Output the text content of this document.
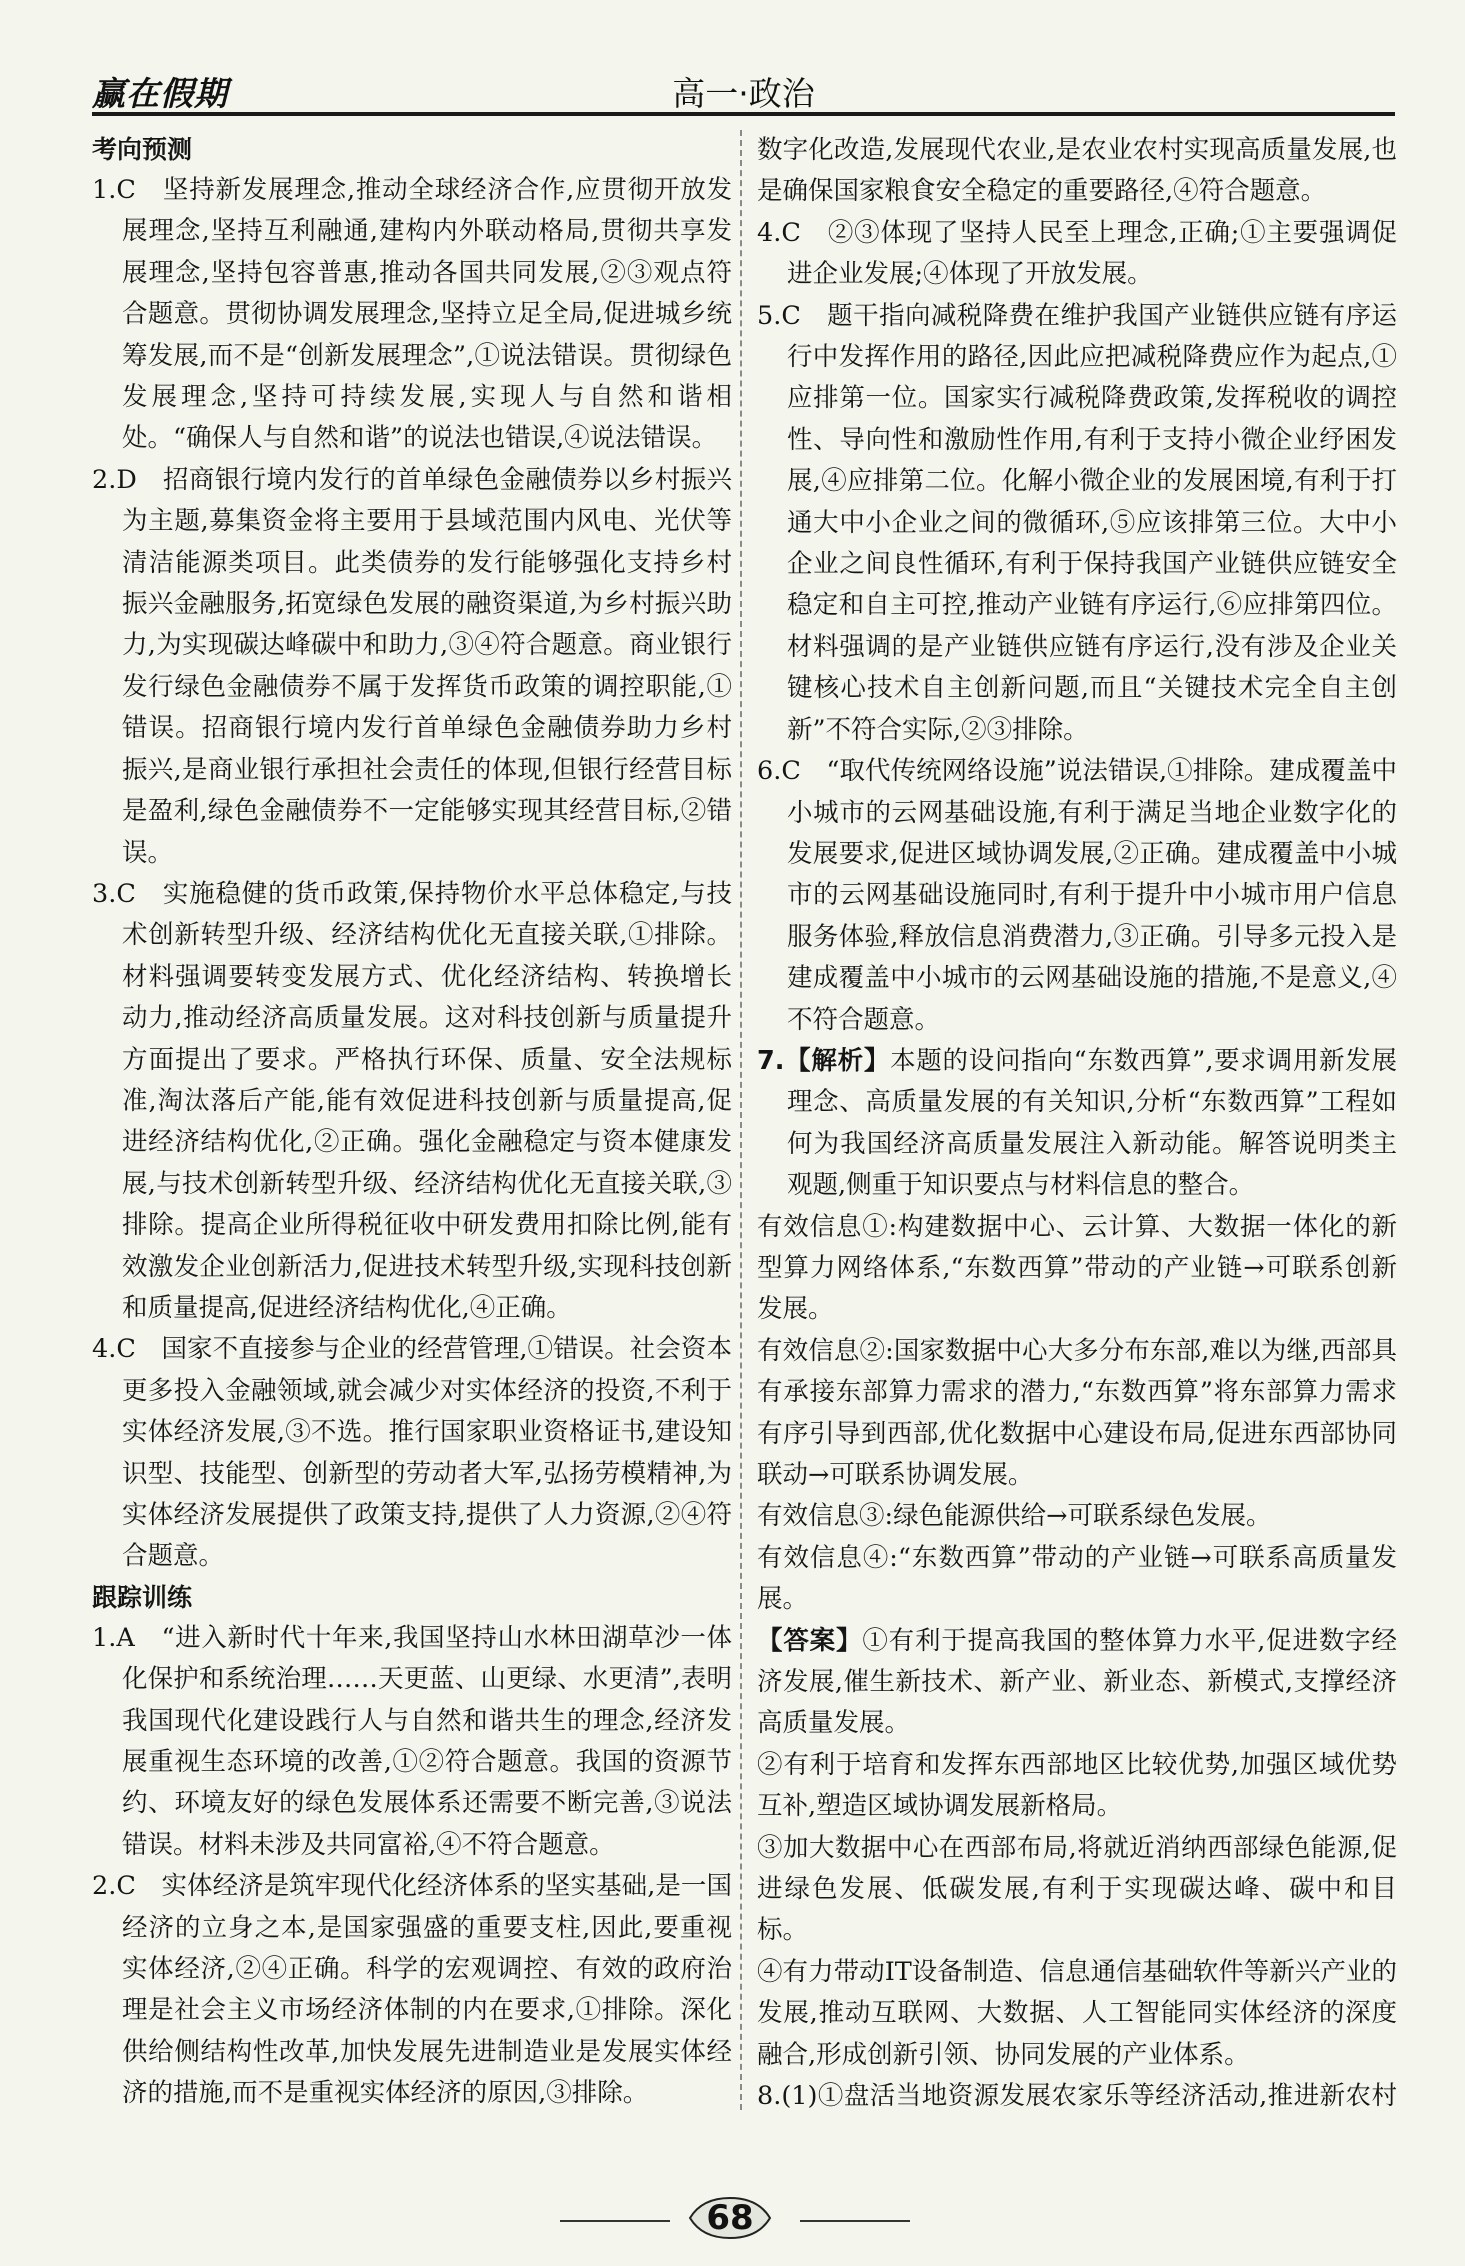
赢在假期	高一·政治
考向预测

1.C　坚持新发展理念,推动全球经济合作,应贯彻开放发展理念,坚持互利融通,建构内外联动格局,贯彻共享发展理念,坚持包容普惠,推动各国共同发展,②③观点符合题意。贯彻协调发展理念,坚持立足全局,促进城乡统筹发展,而不是“创新发展理念”,①说法错误。贯彻绿色发展理念,坚持可持续发展,实现人与自然和谐相处。“确保人与自然和谐”的说法也错误,④说法错误。

2.D　招商银行境内发行的首单绿色金融债券以乡村振兴为主题,募集资金将主要用于县域范围内风电、光伏等清洁能源类项目。此类债券的发行能够强化支持乡村振兴金融服务,拓宽绿色发展的融资渠道,为乡村振兴助力,为实现碳达峰碳中和助力,③④符合题意。商业银行发行绿色金融债券不属于发挥货币政策的调控职能,①错误。招商银行境内发行首单绿色金融债券助力乡村振兴,是商业银行承担社会责任的体现,但银行经营目标是盈利,绿色金融债券不一定能够实现其经营目标,②错误。

3.C　实施稳健的货币政策,保持物价水平总体稳定,与技术创新转型升级、经济结构优化无直接关联,①排除。材料强调要转变发展方式、优化经济结构、转换增长动力,推动经济高质量发展。这对科技创新与质量提升方面提出了要求。严格执行环保、质量、安全法规标准,淘汰落后产能,能有效促进科技创新与质量提高,促进经济结构优化,②正确。强化金融稳定与资本健康发展,与技术创新转型升级、经济结构优化无直接关联,③排除。提高企业所得税征收中研发费用扣除比例,能有效激发企业创新活力,促进技术转型升级,实现科技创新和质量提高,促进经济结构优化,④正确。

4.C　国家不直接参与企业的经营管理,①错误。社会资本更多投入金融领域,就会减少对实体经济的投资,不利于实体经济发展,③不选。推行国家职业资格证书,建设知识型、技能型、创新型的劳动者大军,弘扬劳模精神,为实体经济发展提供了政策支持,提供了人力资源,②④符合题意。

跟踪训练

1.A　“进入新时代十年来,我国坚持山水林田湖草沙一体化保护和系统治理……天更蓝、山更绿、水更清”,表明我国现代化建设践行人与自然和谐共生的理念,经济发展重视生态环境的改善,①②符合题意。我国的资源节约、环境友好的绿色发展体系还需要不断完善,③说法错误。材料未涉及共同富裕,④不符合题意。

2.C　实体经济是筑牢现代化经济体系的坚实基础,是一国经济的立身之本,是国家强盛的重要支柱,因此,要重视实体经济,②④正确。科学的宏观调控、有效的政府治理是社会主义市场经济体制的内在要求,①排除。深化供给侧结构性改革,加快发展先进制造业是发展实体经济的措施,而不是重视实体经济的原因,③排除。

数字化改造,发展现代农业,是农业农村实现高质量发展,也是确保国家粮食安全稳定的重要路径,④符合题意。

4.C　②③体现了坚持人民至上理念,正确;①主要强调促进企业发展;④体现了开放发展。

5.C　题干指向减税降费在维护我国产业链供应链有序运行中发挥作用的路径,因此应把减税降费应作为起点,①应排第一位。国家实行减税降费政策,发挥税收的调控性、导向性和激励性作用,有利于支持小微企业纾困发展,④应排第二位。化解小微企业的发展困境,有利于打通大中小企业之间的微循环,⑤应该排第三位。大中小企业之间良性循环,有利于保持我国产业链供应链安全稳定和自主可控,推动产业链有序运行,⑥应排第四位。材料强调的是产业链供应链有序运行,没有涉及企业关键核心技术自主创新问题,而且“关键技术完全自主创新”不符合实际,②③排除。

6.C　“取代传统网络设施”说法错误,①排除。建成覆盖中小城市的云网基础设施,有利于满足当地企业数字化的发展要求,促进区域协调发展,②正确。建成覆盖中小城市的云网基础设施同时,有利于提升中小城市用户信息服务体验,释放信息消费潜力,③正确。引导多元投入是建成覆盖中小城市的云网基础设施的措施,不是意义,④不符合题意。

7.【解析】本题的设问指向“东数西算”,要求调用新发展理念、高质量发展的有关知识,分析“东数西算”工程如何为我国经济高质量发展注入新动能。解答说明类主观题,侧重于知识要点与材料信息的整合。

有效信息①:构建数据中心、云计算、大数据一体化的新型算力网络体系,“东数西算”带动的产业链→可联系创新发展。

有效信息②:国家数据中心大多分布东部,难以为继,西部具有承接东部算力需求的潜力,“东数西算”将东部算力需求有序引导到西部,优化数据中心建设布局,促进东西部协同联动→可联系协调发展。

有效信息③:绿色能源供给→可联系绿色发展。

有效信息④:“东数西算”带动的产业链→可联系高质量发展。

【答案】①有利于提高我国的整体算力水平,促进数字经济发展,催生新技术、新产业、新业态、新模式,支撑经济高质量发展。

②有利于培育和发挥东西部地区比较优势,加强区域优势互补,塑造区域协调发展新格局。

③加大数据中心在西部布局,将就近消纳西部绿色能源,促进绿色发展、低碳发展,有利于实现碳达峰、碳中和目标。

④有力带动IT设备制造、信息通信基础软件等新兴产业的发展,推动互联网、大数据、人工智能同实体经济的深度融合,形成创新引领、协同发展的产业体系。

8.(1)①盘活当地资源发展农家乐等经济活动,推进新农村

68
